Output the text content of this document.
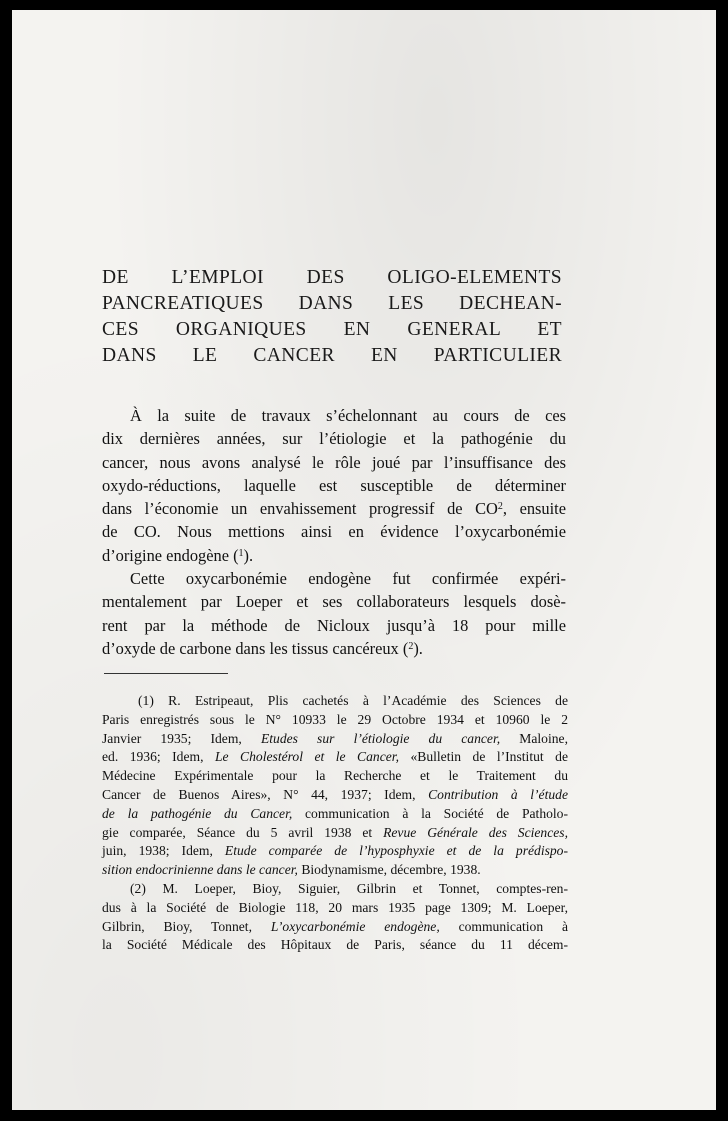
DE L’EMPLOI DES OLIGO-ELEMENTS
PANCREATIQUES DANS LES DECHEAN-
CES ORGANIQUES EN GENERAL ET
DANS LE CANCER EN PARTICULIER
À la suite de travaux s’échelonnant au cours de ces
dix dernières années, sur l’étiologie et la pathogénie du
cancer, nous avons analysé le rôle joué par l’insuffisance des
oxydo-réductions, laquelle est susceptible de déterminer
dans l’économie un envahissement progressif de $CO^2$, ensuite
de CO. Nous mettions ainsi en évidence l’oxycarbonémie
d’origine endogène ($^1$).
Cette oxycarbonémie endogène fut confirmée expéri-
mentalement par Loeper et ses collaborateurs lesquels dosè-
rent par la méthode de Nicloux jusqu’à 18 pour mille
d’oxyde de carbone dans les tissus cancéreux ($^2$).
(1) R. Estripeaut, Plis cachetés à l’Académie des Sciences de
Paris enregistrés sous le N° 10933 le 29 Octobre 1934 et 10960 le 2
Janvier 1935; Idem, Etudes sur l’étiologie du cancer, Maloine,
ed. 1936; Idem, Le Cholestérol et le Cancer, «Bulletin de l’Institut de
Médecine Expérimentale pour la Recherche et le Traitement du
Cancer de Buenos Aires», N° 44, 1937; Idem, Contribution à l’étude
de la pathogénie du Cancer, communication à la Société de Patholo-
gie comparée, Séance du 5 avril 1938 et Revue Générale des Sciences,
juin, 1938; Idem, Etude comparée de l’hyposphyxie et de la prédispo-
sition endocrinienne dans le cancer, Biodynamisme, décembre, 1938.
(2) M. Loeper, Bioy, Siguier, Gilbrin et Tonnet, comptes-ren-
dus à la Société de Biologie 118, 20 mars 1935 page 1309; M. Loeper,
Gilbrin, Bioy, Tonnet, L’oxycarbonémie endogène, communication à
la Société Médicale des Hôpitaux de Paris, séance du 11 décem-
